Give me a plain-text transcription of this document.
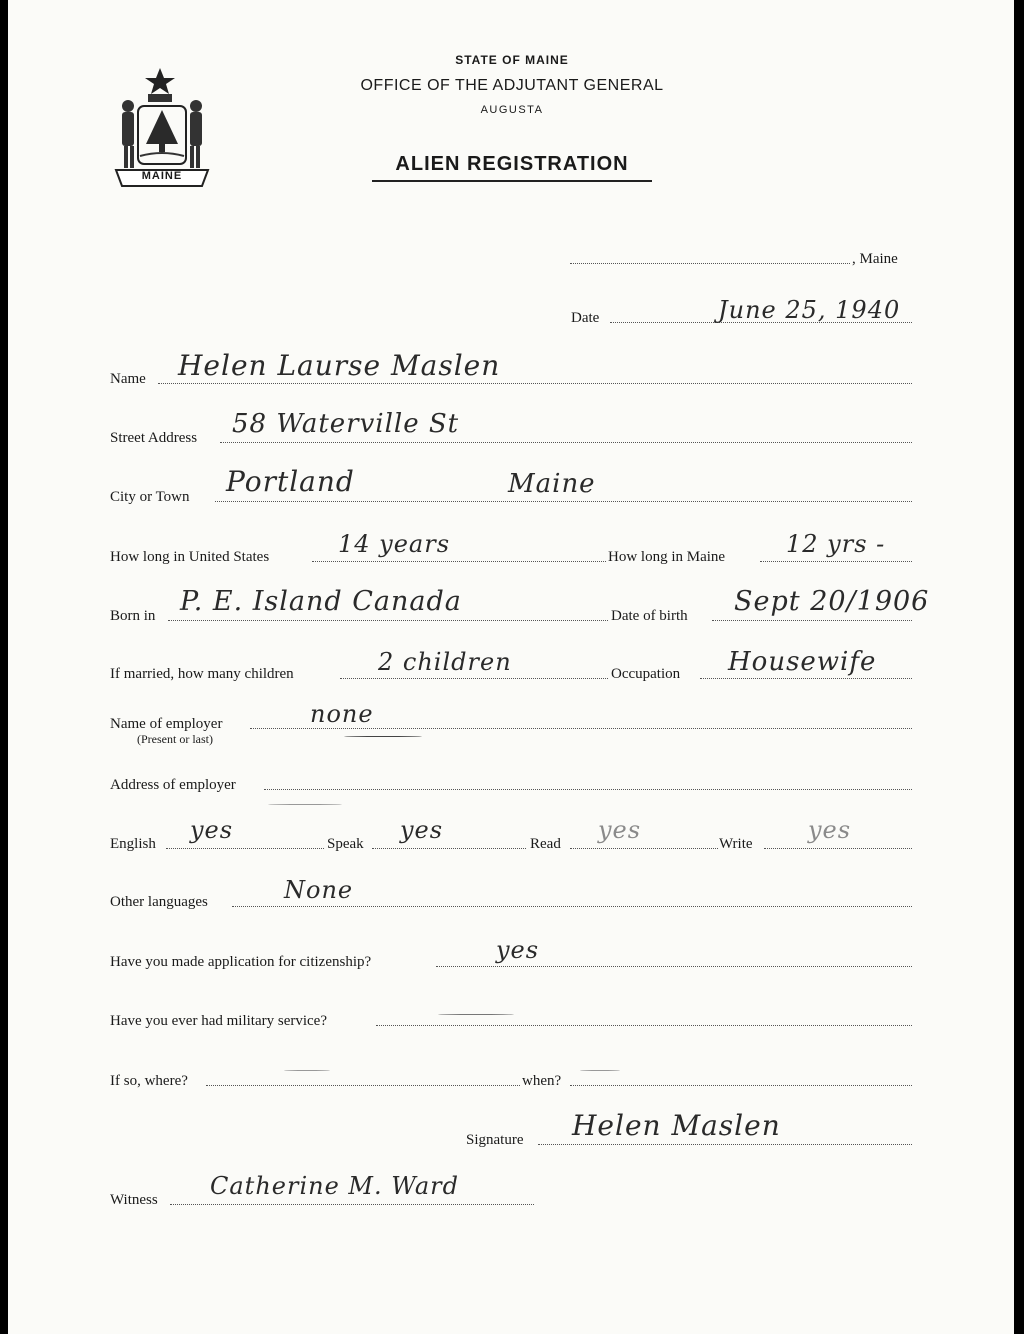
MAINE
STATE OF MAINE
OFFICE OF THE ADJUTANT GENERAL
AUGUSTA
ALIEN REGISTRATION
, Maine
Date	June 25, 1940
Name Helen Laurse Maslen
Street Address 58 Waterville St
City or Town Portland	Maine
How long in United States	14 years	How long in Maine	12 yrs -
Born in P. E. Island Canada	Date of birth Sept 20/1906
If married, how many children	2 children	Occupation Housewife
Name of employer
(Present or last)
none
Address of employer
English yes	Speak yes	Read yes	Write yes
Other languages	None
Have you made application for citizenship?	yes
Have you ever had military service?
If so, where?	when?
Signature Helen Maslen
Witness Catherine M. Ward
